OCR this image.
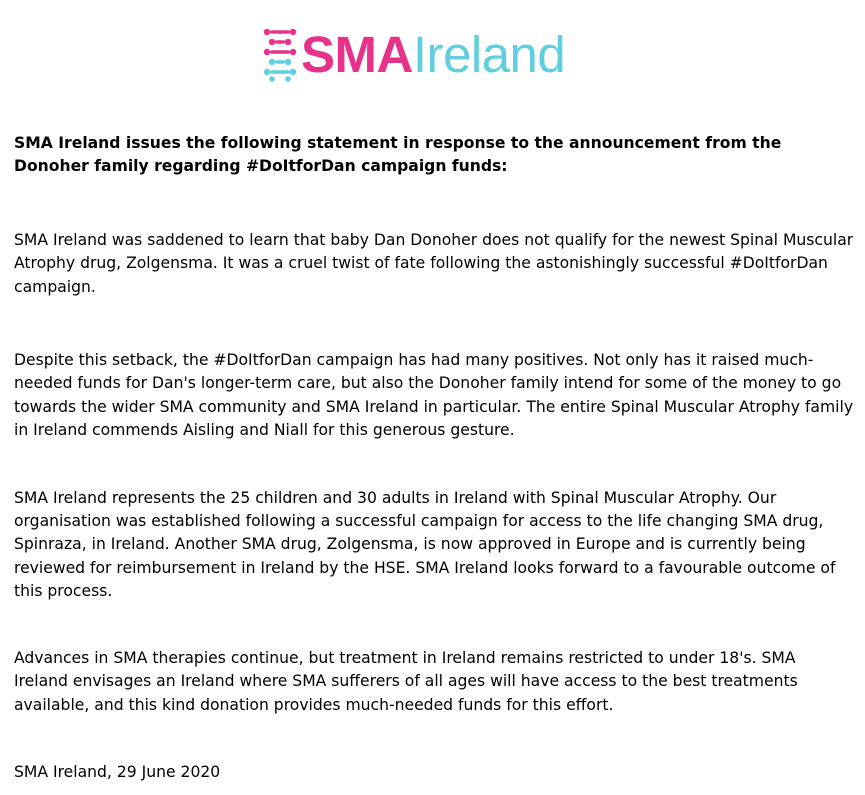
SMAIreland

SMA Ireland issues the following statement in response to the announcement from the Donoher family regarding #DoItforDan campaign funds:

SMA Ireland was saddened to learn that baby Dan Donoher does not qualify for the newest Spinal Muscular Atrophy drug, Zolgensma. It was a cruel twist of fate following the astonishingly successful #DoItforDan campaign.

Despite this setback, the #DoItforDan campaign has had many positives. Not only has it raised much-needed funds for Dan's longer-term care, but also the Donoher family intend for some of the money to go towards the wider SMA community and SMA Ireland in particular. The entire Spinal Muscular Atrophy family in Ireland commends Aisling and Niall for this generous gesture.

SMA Ireland represents the 25 children and 30 adults in Ireland with Spinal Muscular Atrophy. Our organisation was established following a successful campaign for access to the life changing SMA drug, Spinraza, in Ireland. Another SMA drug, Zolgensma, is now approved in Europe and is currently being reviewed for reimbursement in Ireland by the HSE. SMA Ireland looks forward to a favourable outcome of this process.

Advances in SMA therapies continue, but treatment in Ireland remains restricted to under 18's. SMA Ireland envisages an Ireland where SMA sufferers of all ages will have access to the best treatments available, and this kind donation provides much-needed funds for this effort.

SMA Ireland, 29 June 2020
